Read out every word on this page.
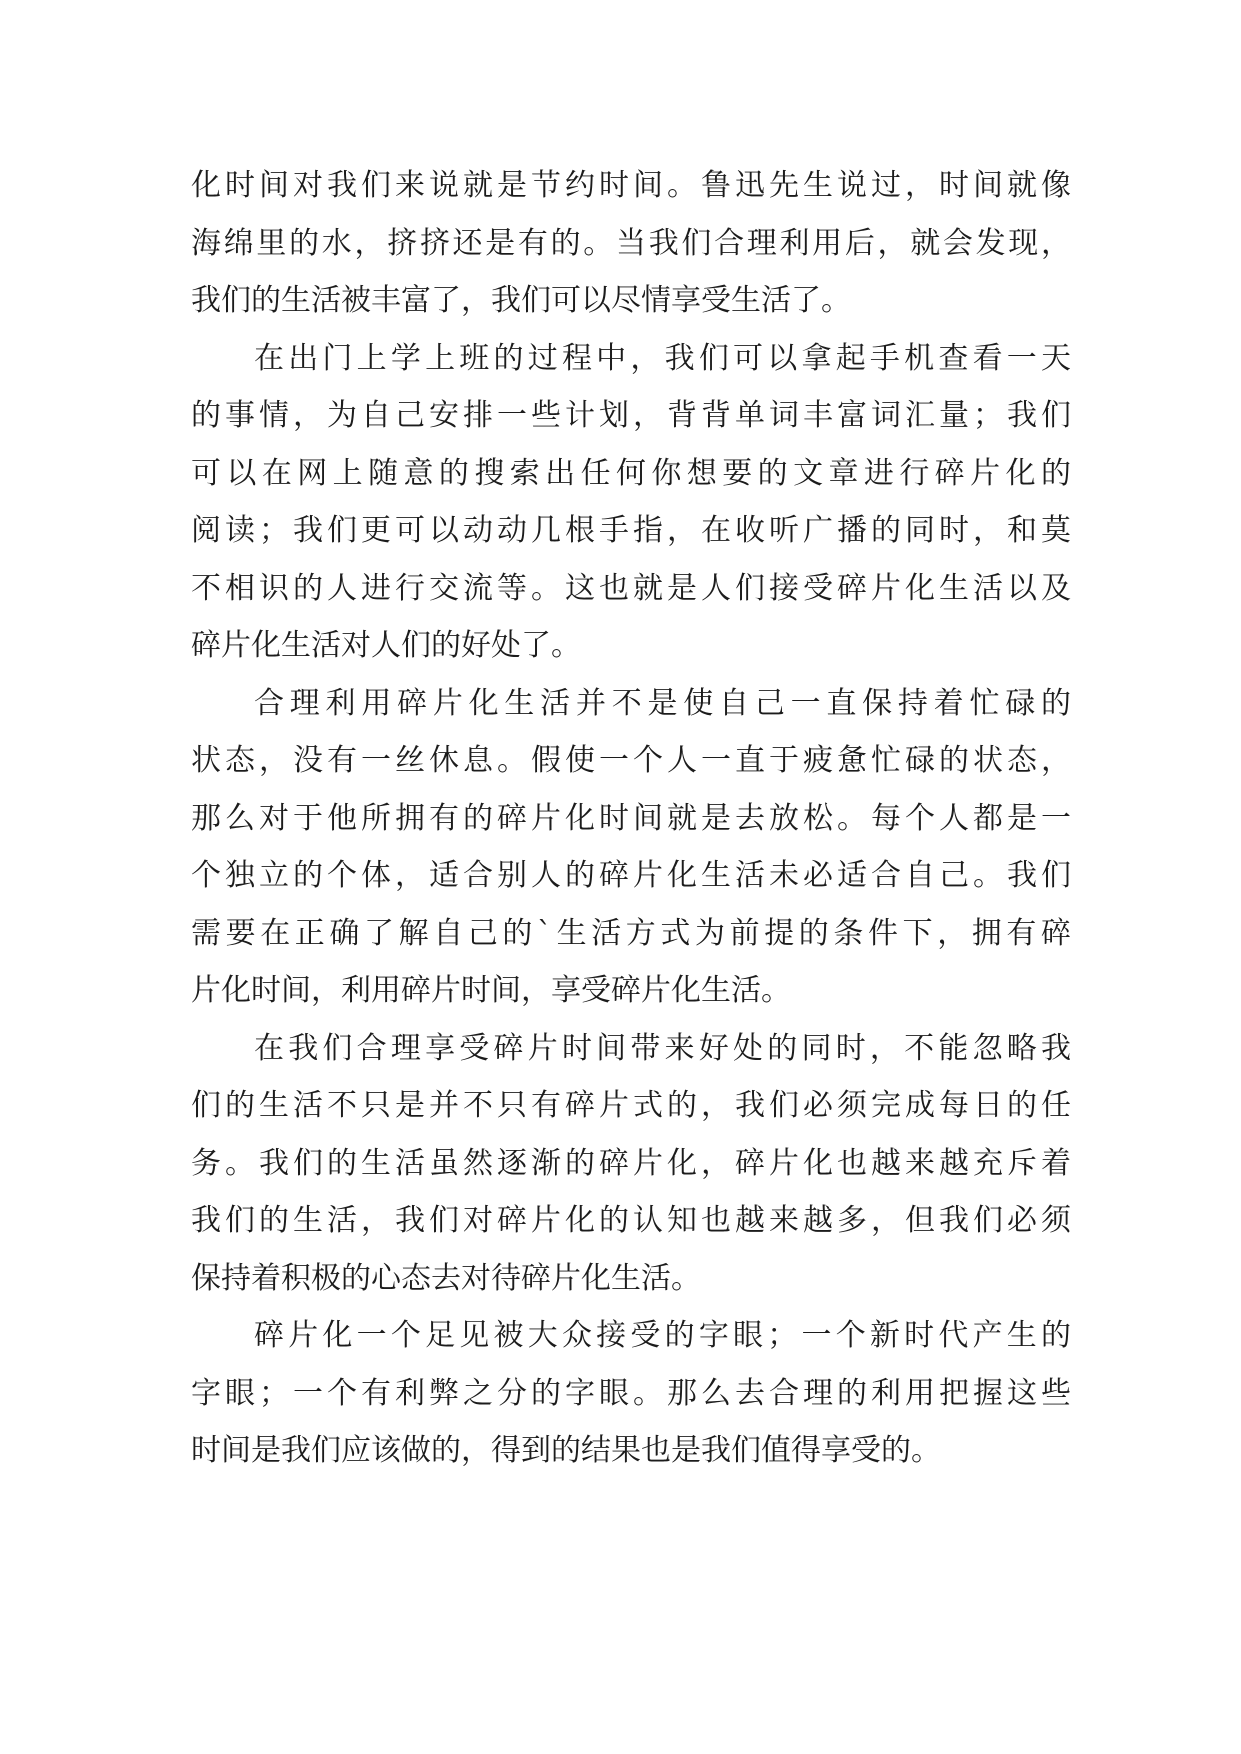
化时间对我们来说就是节约时间。鲁迅先生说过，时间就像
海绵里的水，挤挤还是有的。当我们合理利用后，就会发现，
我们的生活被丰富了，我们可以尽情享受生活了。
在出门上学上班的过程中，我们可以拿起手机查看一天
的事情，为自己安排一些计划，背背单词丰富词汇量；我们
可以在网上随意的搜索出任何你想要的文章进行碎片化的
阅读；我们更可以动动几根手指，在收听广播的同时，和莫
不相识的人进行交流等。这也就是人们接受碎片化生活以及
碎片化生活对人们的好处了。
合理利用碎片化生活并不是使自己一直保持着忙碌的
状态，没有一丝休息。假使一个人一直于疲惫忙碌的状态，
那么对于他所拥有的碎片化时间就是去放松。每个人都是一
个独立的个体，适合别人的碎片化生活未必适合自己。我们
需要在正确了解自己的`生活方式为前提的条件下，拥有碎
片化时间，利用碎片时间，享受碎片化生活。
在我们合理享受碎片时间带来好处的同时，不能忽略我
们的生活不只是并不只有碎片式的，我们必须完成每日的任
务。我们的生活虽然逐渐的碎片化，碎片化也越来越充斥着
我们的生活，我们对碎片化的认知也越来越多，但我们必须
保持着积极的心态去对待碎片化生活。
碎片化一个足见被大众接受的字眼；一个新时代产生的
字眼；一个有利弊之分的字眼。那么去合理的利用把握这些
时间是我们应该做的，得到的结果也是我们值得享受的。
